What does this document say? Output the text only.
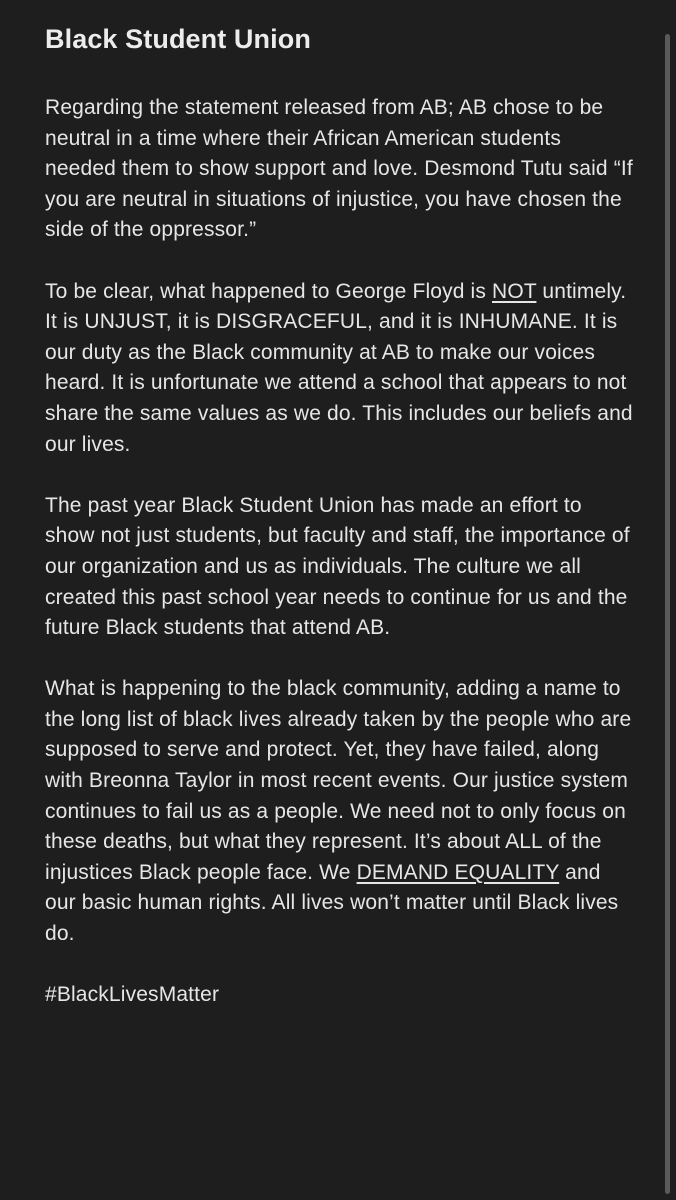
Black Student Union

Regarding the statement released from AB; AB chose to be neutral in a time where their African American students needed them to show support and love. Desmond Tutu said “If you are neutral in situations of injustice, you have chosen the side of the oppressor.”

To be clear, what happened to George Floyd is NOT untimely. It is UNJUST, it is DISGRACEFUL, and it is INHUMANE. It is our duty as the Black community at AB to make our voices heard. It is unfortunate we attend a school that appears to not share the same values as we do. This includes our beliefs and our lives.

The past year Black Student Union has made an effort to show not just students, but faculty and staff, the importance of our organization and us as individuals. The culture we all created this past school year needs to continue for us and the future Black students that attend AB.

What is happening to the black community, adding a name to the long list of black lives already taken by the people who are supposed to serve and protect. Yet, they have failed, along with Breonna Taylor in most recent events. Our justice system continues to fail us as a people. We need not to only focus on these deaths, but what they represent. It’s about ALL of the injustices Black people face. We DEMAND EQUALITY and our basic human rights. All lives won’t matter until Black lives do.

#BlackLivesMatter
